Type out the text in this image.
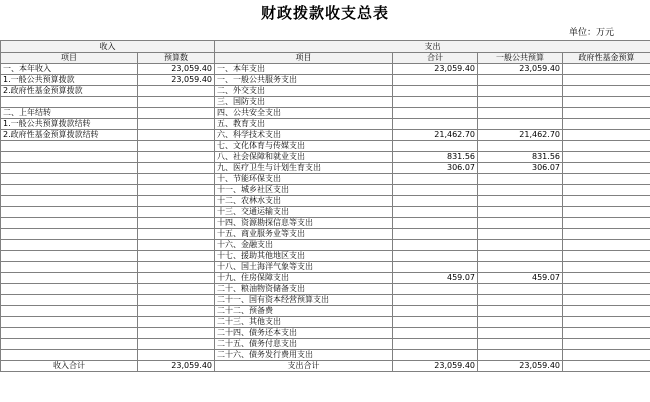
财政拨款收支总表
单位：万元
收入		支出			
项目	预算数	项目	合计	一般公共预算	政府性基金预算
一、本年收入	23,059.40	一、本年支出	23,059.40	23,059.40	
1.一般公共预算拨款	23,059.40	一、一般公共服务支出			
2.政府性基金预算拨款		二、外交支出			
		三、国防支出			
二、上年结转		四、公共安全支出			
1.一般公共预算拨款结转		五、教育支出			
2.政府性基金预算拨款结转		六、科学技术支出	21,462.70	21,462.70	
		七、文化体育与传媒支出			
		八、社会保障和就业支出	831.56	831.56	
		九、医疗卫生与计划生育支出	306.07	306.07	
		十、节能环保支出			
		十一、城乡社区支出			
		十二、农林水支出			
		十三、交通运输支出			
		十四、资源勘探信息等支出			
		十五、商业服务业等支出			
		十六、金融支出			
		十七、援助其他地区支出			
		十八、国土海洋气象等支出			
		十九、住房保障支出	459.07	459.07	
		二十、粮油物资储备支出			
		二十一、国有资本经营预算支出			
		二十二、预备费			
		二十三、其他支出			
		二十四、债务还本支出			
		二十五、债务付息支出			
		二十六、债务发行费用支出			
收入合计	23,059.40	支出合计	23,059.40	23,059.40	
